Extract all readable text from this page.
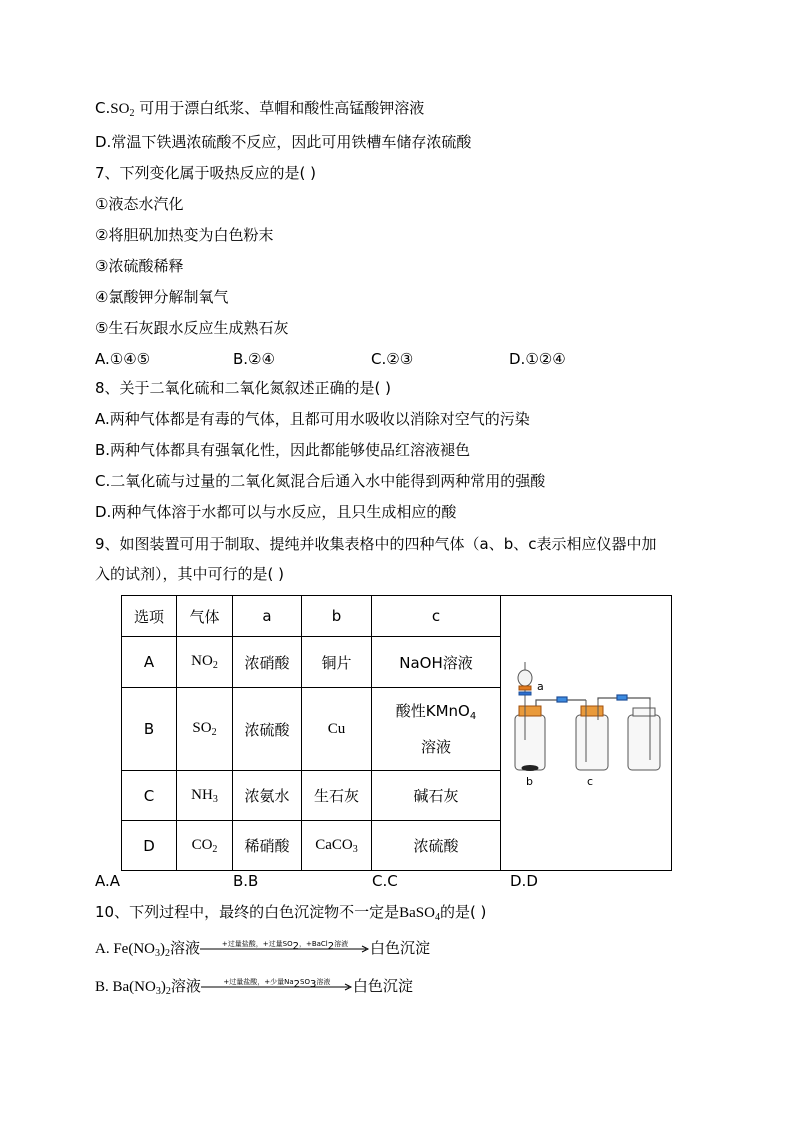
$C.SO_2$ 可用于漂白纸浆、草帽和酸性高锰酸钾溶液
D.常温下铁遇浓硫酸不反应，因此可用铁槽车储存浓硫酸
7、下列变化属于吸热反应的是( )
①液态水汽化
②将胆矾加热变为白色粉末
③浓硫酸稀释
④氯酸钾分解制氧气
⑤生石灰跟水反应生成熟石灰
A.①④⑤	B.②④	C.②③	D.①②④
8、关于二氧化硫和二氧化氮叙述正确的是( )
A.两种气体都是有毒的气体，且都可用水吸收以消除对空气的污染
B.两种气体都具有强氧化性，因此都能够使品红溶液褪色
C.二氧化硫与过量的二氧化氮混合后通入水中能得到两种常用的强酸
D.两种气体溶于水都可以与水反应，且只生成相应的酸
9、如图装置可用于制取、提纯并收集表格中的四种气体（a、b、c表示相应仪器中加
入的试剂），其中可行的是( )
选项	气体	a	b	c	
A	$NO_2$	浓硝酸	铜片	NaOH溶液	
B	$SO_2$	浓硫酸	Cu	酸性KMnO$_4$
溶液	

C	$NH_3$	浓氨水	生石灰	碱石灰	
D	$CO_2$	稀硝酸	CaCO$_3$	浓硫酸	
a
b	c
A.A	B.B	C.C	D.D
10、下列过程中，最终的白色沉淀物不一定是BaSO$_4$的是( )
A. $Fe(NO_3)_2$溶液	+过量盐酸，+过量$SO_2$，+BaCl$_2$溶液	白色沉淀
B. $Ba(NO_3)_2$溶液	+过量盐酸，+少量$Na_2SO_3$溶液	白色沉淀
